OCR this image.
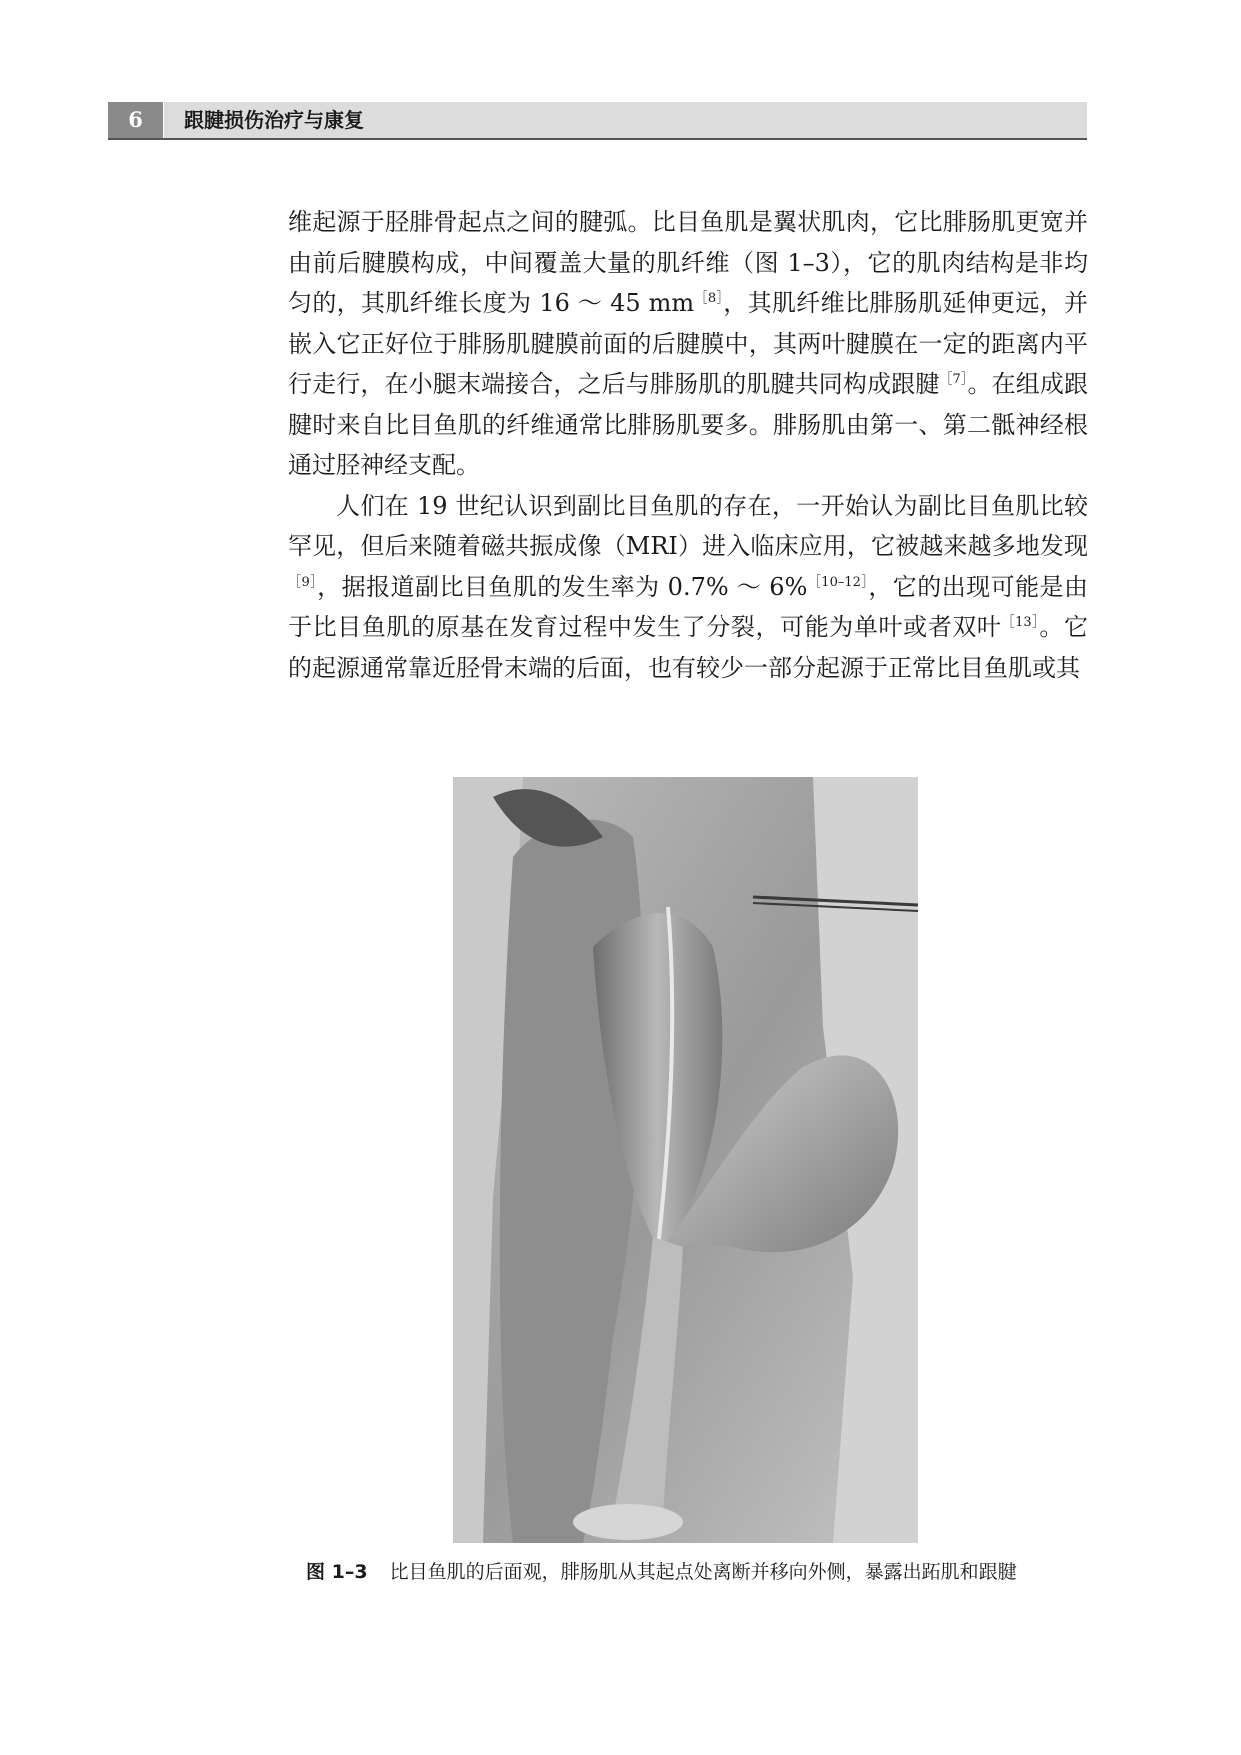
6	跟腱损伤治疗与康复

维起源于胫腓骨起点之间的腱弧。比目鱼肌是翼状肌肉，它比腓肠肌更宽并由前后腱膜构成，中间覆盖大量的肌纤维（图 1–3），它的肌肉结构是非均匀的，其肌纤维长度为 16 ～ 45 $mm^{[8]}$，其肌纤维比腓肠肌延伸更远，并嵌入它正好位于腓肠肌腱膜前面的后腱膜中，其两叶腱膜在一定的距离内平行走行，在小腿末端接合，之后与腓肠肌的肌腱共同构成跟腱$^{[7]}$。在组成跟腱时来自比目鱼肌的纤维通常比腓肠肌要多。腓肠肌由第一、第二骶神经根通过胫神经支配。

人们在 19 世纪认识到副比目鱼肌的存在，一开始认为副比目鱼肌比较罕见，但后来随着磁共振成像（MRI）进入临床应用，它被越来越多地发现$^{[9]}$，据报道副比目鱼肌的发生率为 0.7% ～ 6%$^{[10-12]}$，它的出现可能是由于比目鱼肌的原基在发育过程中发生了分裂，可能为单叶或者双叶$^{[13]}$。它的起源通常靠近胫骨末端的后面，也有较少一部分起源于正常比目鱼肌或其

图 1–3 比目鱼肌的后面观，腓肠肌从其起点处离断并移向外侧，暴露出跖肌和跟腱
